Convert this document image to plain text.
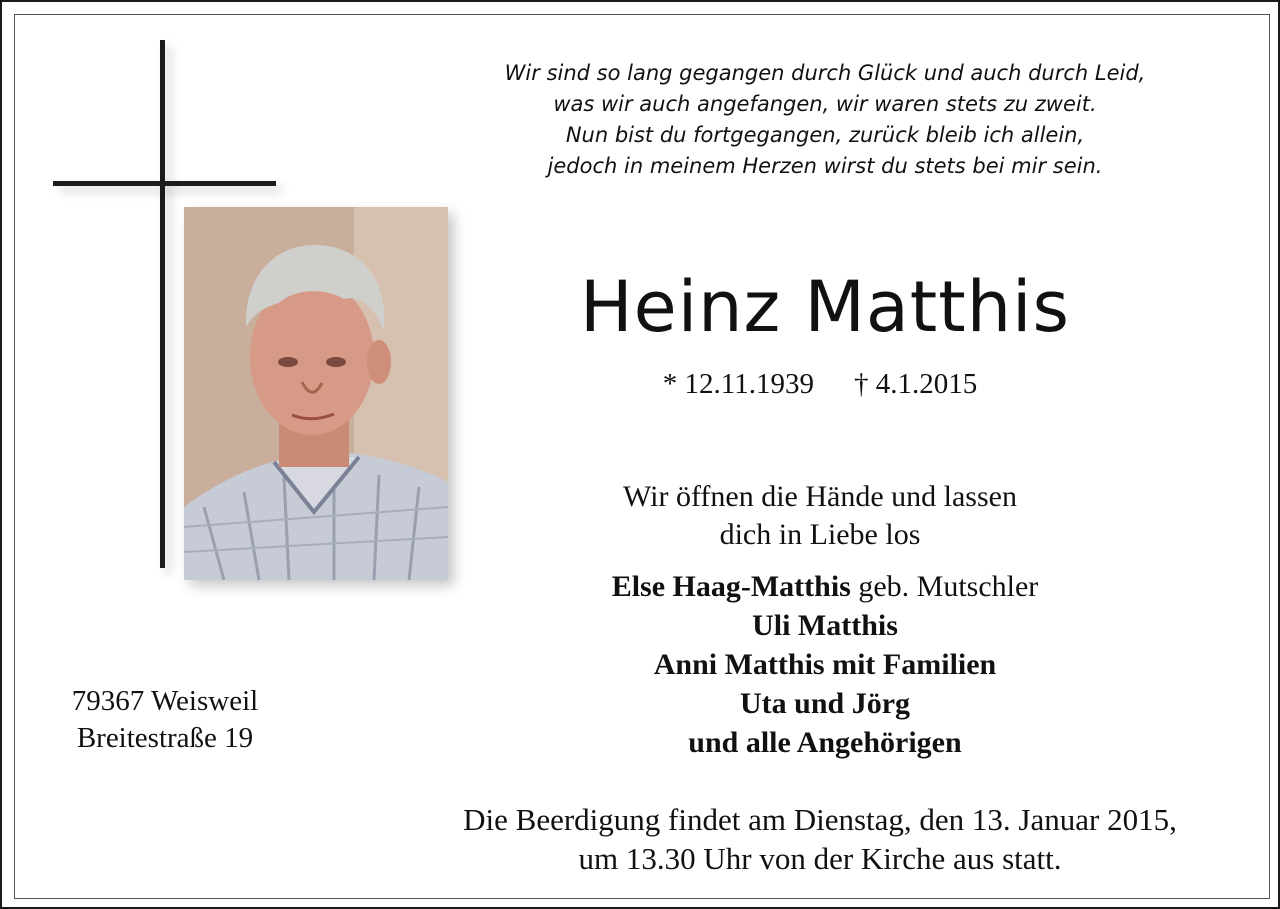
Wir sind so lang gegangen durch Glück und auch durch Leid,
was wir auch angefangen, wir waren stets zu zweit.
Nun bist du fortgegangen, zurück bleib ich allein,
jedoch in meinem Herzen wirst du stets bei mir sein.
Heinz Matthis
* 12.11.1939 † 4.1.2015
Wir öffnen die Hände und lassen
dich in Liebe los
Else Haag-Matthis geb. Mutschler
Uli Matthis
Anni Matthis mit Familien
Uta und Jörg
und alle Angehörigen
79367 Weisweil
Breitestraße 19
Die Beerdigung findet am Dienstag, den 13. Januar 2015,
um 13.30 Uhr von der Kirche aus statt.
